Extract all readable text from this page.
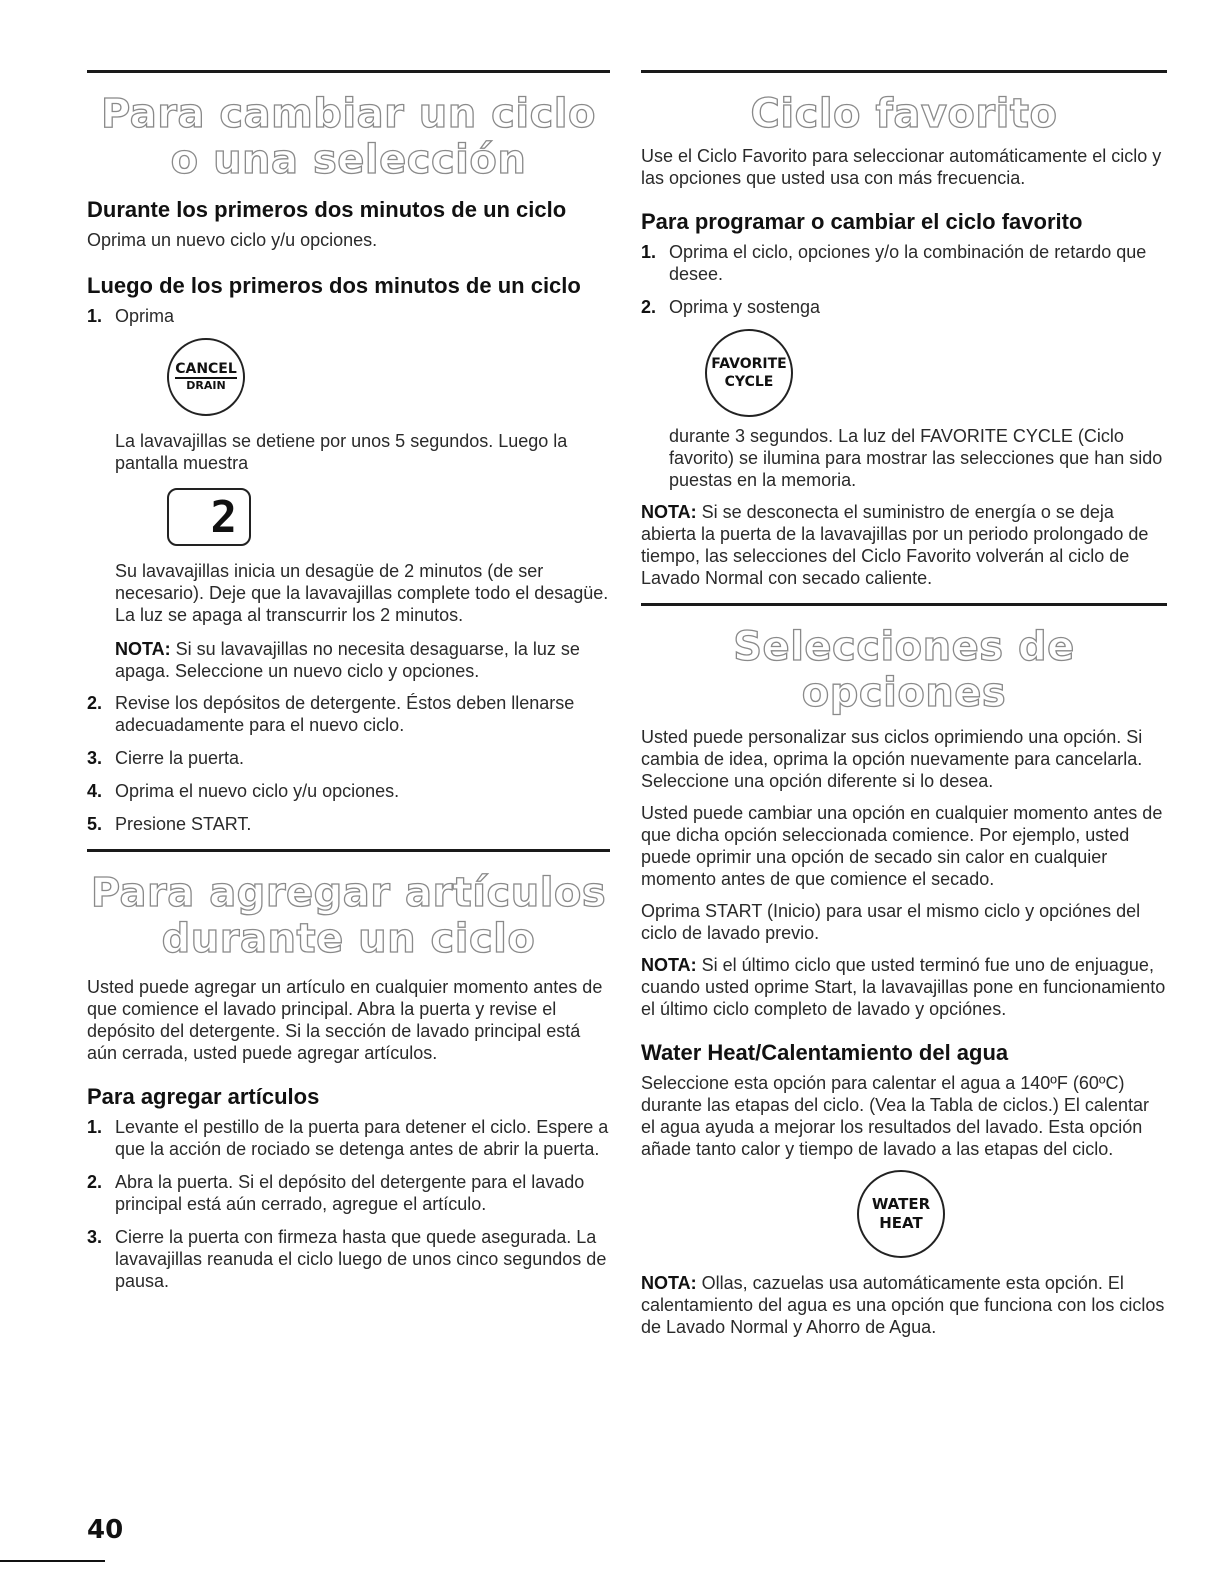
Para cambiar un ciclo
o una selección
Durante los primeros dos minutos de un ciclo

Oprima un nuevo ciclo y/u opciones.

Luego de los primeros dos minutos de un ciclo
1. Oprima
CANCEL
DRAIN

La lavavajillas se detiene por unos 5 segundos. Luego la pantalla muestra

2

Su lavavajillas inicia un desagüe de 2 minutos (de ser necesario). Deje que la lavavajillas complete todo el desagüe. La luz se apaga al transcurrir los 2 minutos.

NOTA: Si su lavavajillas no necesita desaguarse, la luz se apaga. Seleccione un nuevo ciclo y opciones.

2. Revise los depósitos de detergente. Éstos deben llenarse adecuadamente para el nuevo ciclo.
3. Cierre la puerta.
4. Oprima el nuevo ciclo y/u opciones.
5. Presione START.
Para agregar artículos
durante un ciclo

Usted puede agregar un artículo en cualquier momento antes de que comience el lavado principal. Abra la puerta y revise el depósito del detergente. Si la sección de lavado principal está aún cerrada, usted puede agregar artículos.

Para agregar artículos
1. Levante el pestillo de la puerta para detener el ciclo. Espere a que la acción de rociado se detenga antes de abrir la puerta.
2. Abra la puerta. Si el depósito del detergente para el lavado principal está aún cerrado, agregue el artículo.
3. Cierre la puerta con firmeza hasta que quede asegurada. La lavavajillas reanuda el ciclo luego de unos cinco segundos de pausa.
Ciclo favorito

Use el Ciclo Favorito para seleccionar automáticamente el ciclo y las opciones que usted usa con más frecuencia.

Para programar o cambiar el ciclo favorito
1. Oprima el ciclo, opciones y/o la combinación de retardo que desee.
2. Oprima y sostenga
FAVORITE
CYCLE

durante 3 segundos. La luz del FAVORITE CYCLE (Ciclo favorito) se ilumina para mostrar las selecciones que han sido puestas en la memoria.

NOTA: Si se desconecta el suministro de energía o se deja abierta la puerta de la lavavajillas por un periodo prolongado de tiempo, las selecciones del Ciclo Favorito volverán al ciclo de Lavado Normal con secado caliente.

Selecciones de opciones

Usted puede personalizar sus ciclos oprimiendo una opción. Si cambia de idea, oprima la opción nuevamente para cancelarla. Seleccione una opción diferente si lo desea.

Usted puede cambiar una opción en cualquier momento antes de que dicha opción seleccionada comience. Por ejemplo, usted puede oprimir una opción de secado sin calor en cualquier momento antes de que comience el secado.

Oprima START (Inicio) para usar el mismo ciclo y opciónes del ciclo de lavado previo.

NOTA: Si el último ciclo que usted terminó fue uno de enjuague, cuando usted oprime Start, la lavavajillas pone en funcionamiento el último ciclo completo de lavado y opciónes.

Water Heat/Calentamiento del agua

Seleccione esta opción para calentar el agua a 140ºF (60ºC) durante las etapas del ciclo. (Vea la Tabla de ciclos.) El calentar el agua ayuda a mejorar los resultados del lavado. Esta opción añade tanto calor y tiempo de lavado a las etapas del ciclo.

WATER
HEAT

NOTA: Ollas, cazuelas usa automáticamente esta opción. El calentamiento del agua es una opción que funciona con los ciclos de Lavado Normal y Ahorro de Agua.

40
